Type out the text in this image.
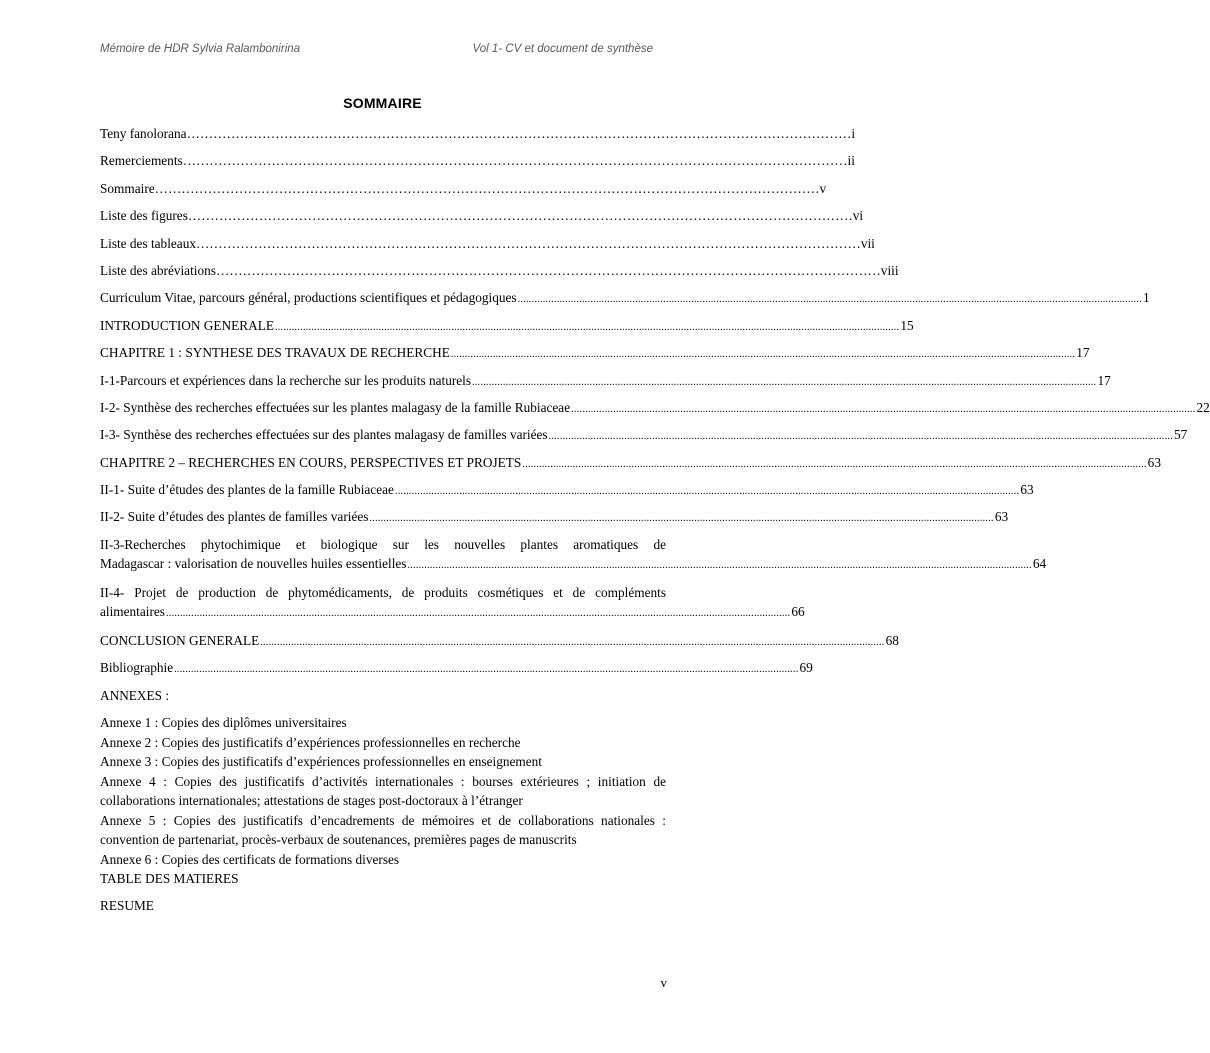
Mémoire de HDR Sylvia Ralambonirina	Vol 1- CV et document de synthèse
SOMMAIRE
Teny fanolorana …………………………………………………………………………………………………………………………………… i
Remerciements …………………………………………………………………………………………………………………………………… ii
Sommaire …………………………………………………………………………………………………………………………………… v
Liste des figures …………………………………………………………………………………………………………………………………… vi
Liste des tableaux …………………………………………………………………………………………………………………………………… vii
Liste des abréviations …………………………………………………………………………………………………………………………………… viii
Curriculum Vitae, parcours général, productions scientifiques et pédagogiques ............................................................................................................................................................................................................................... 1
INTRODUCTION GENERALE ............................................................................................................................................................................................................................... 15
CHAPITRE 1 : SYNTHESE DES TRAVAUX DE RECHERCHE ............................................................................................................................................................................................................................... 17
I-1-Parcours et expériences dans la recherche sur les produits naturels ............................................................................................................................................................................................................................... 17
I-2- Synthèse des recherches effectuées sur les plantes malagasy de la famille Rubiaceae ............................................................................................................................................................................................................................... 22
I-3- Synthèse des recherches effectuées sur des plantes malagasy de familles variées ............................................................................................................................................................................................................................... 57
CHAPITRE 2 – RECHERCHES EN COURS, PERSPECTIVES ET PROJETS ............................................................................................................................................................................................................................... 63
II-1- Suite d’études des plantes de la famille Rubiaceae ............................................................................................................................................................................................................................... 63
II-2- Suite d’études des plantes de familles variées ............................................................................................................................................................................................................................... 63
II-3-Recherches phytochimique et biologique sur les nouvelles plantes aromatiques de
Madagascar : valorisation de nouvelles huiles essentielles ............................................................................................................................................................................................................................... 64
II-4- Projet de production de phytomédicaments, de produits cosmétiques et de compléments
alimentaires ............................................................................................................................................................................................................................... 66
CONCLUSION GENERALE ............................................................................................................................................................................................................................... 68
Bibliographie ............................................................................................................................................................................................................................... 69
ANNEXES :
Annexe 1 : Copies des diplômes universitaires
Annexe 2 : Copies des justificatifs d’expériences professionnelles en recherche
Annexe 3 : Copies des justificatifs d’expériences professionnelles en enseignement
Annexe 4 : Copies des justificatifs d’activités internationales : bourses extérieures ; initiation de collaborations internationales; attestations de stages post-doctoraux à l’étranger
Annexe 5 : Copies des justificatifs d’encadrements de mémoires et de collaborations nationales : convention de partenariat, procès-verbaux de soutenances, premières pages de manuscrits
Annexe 6 : Copies des certificats de formations diverses
TABLE DES MATIERES
RESUME
v
